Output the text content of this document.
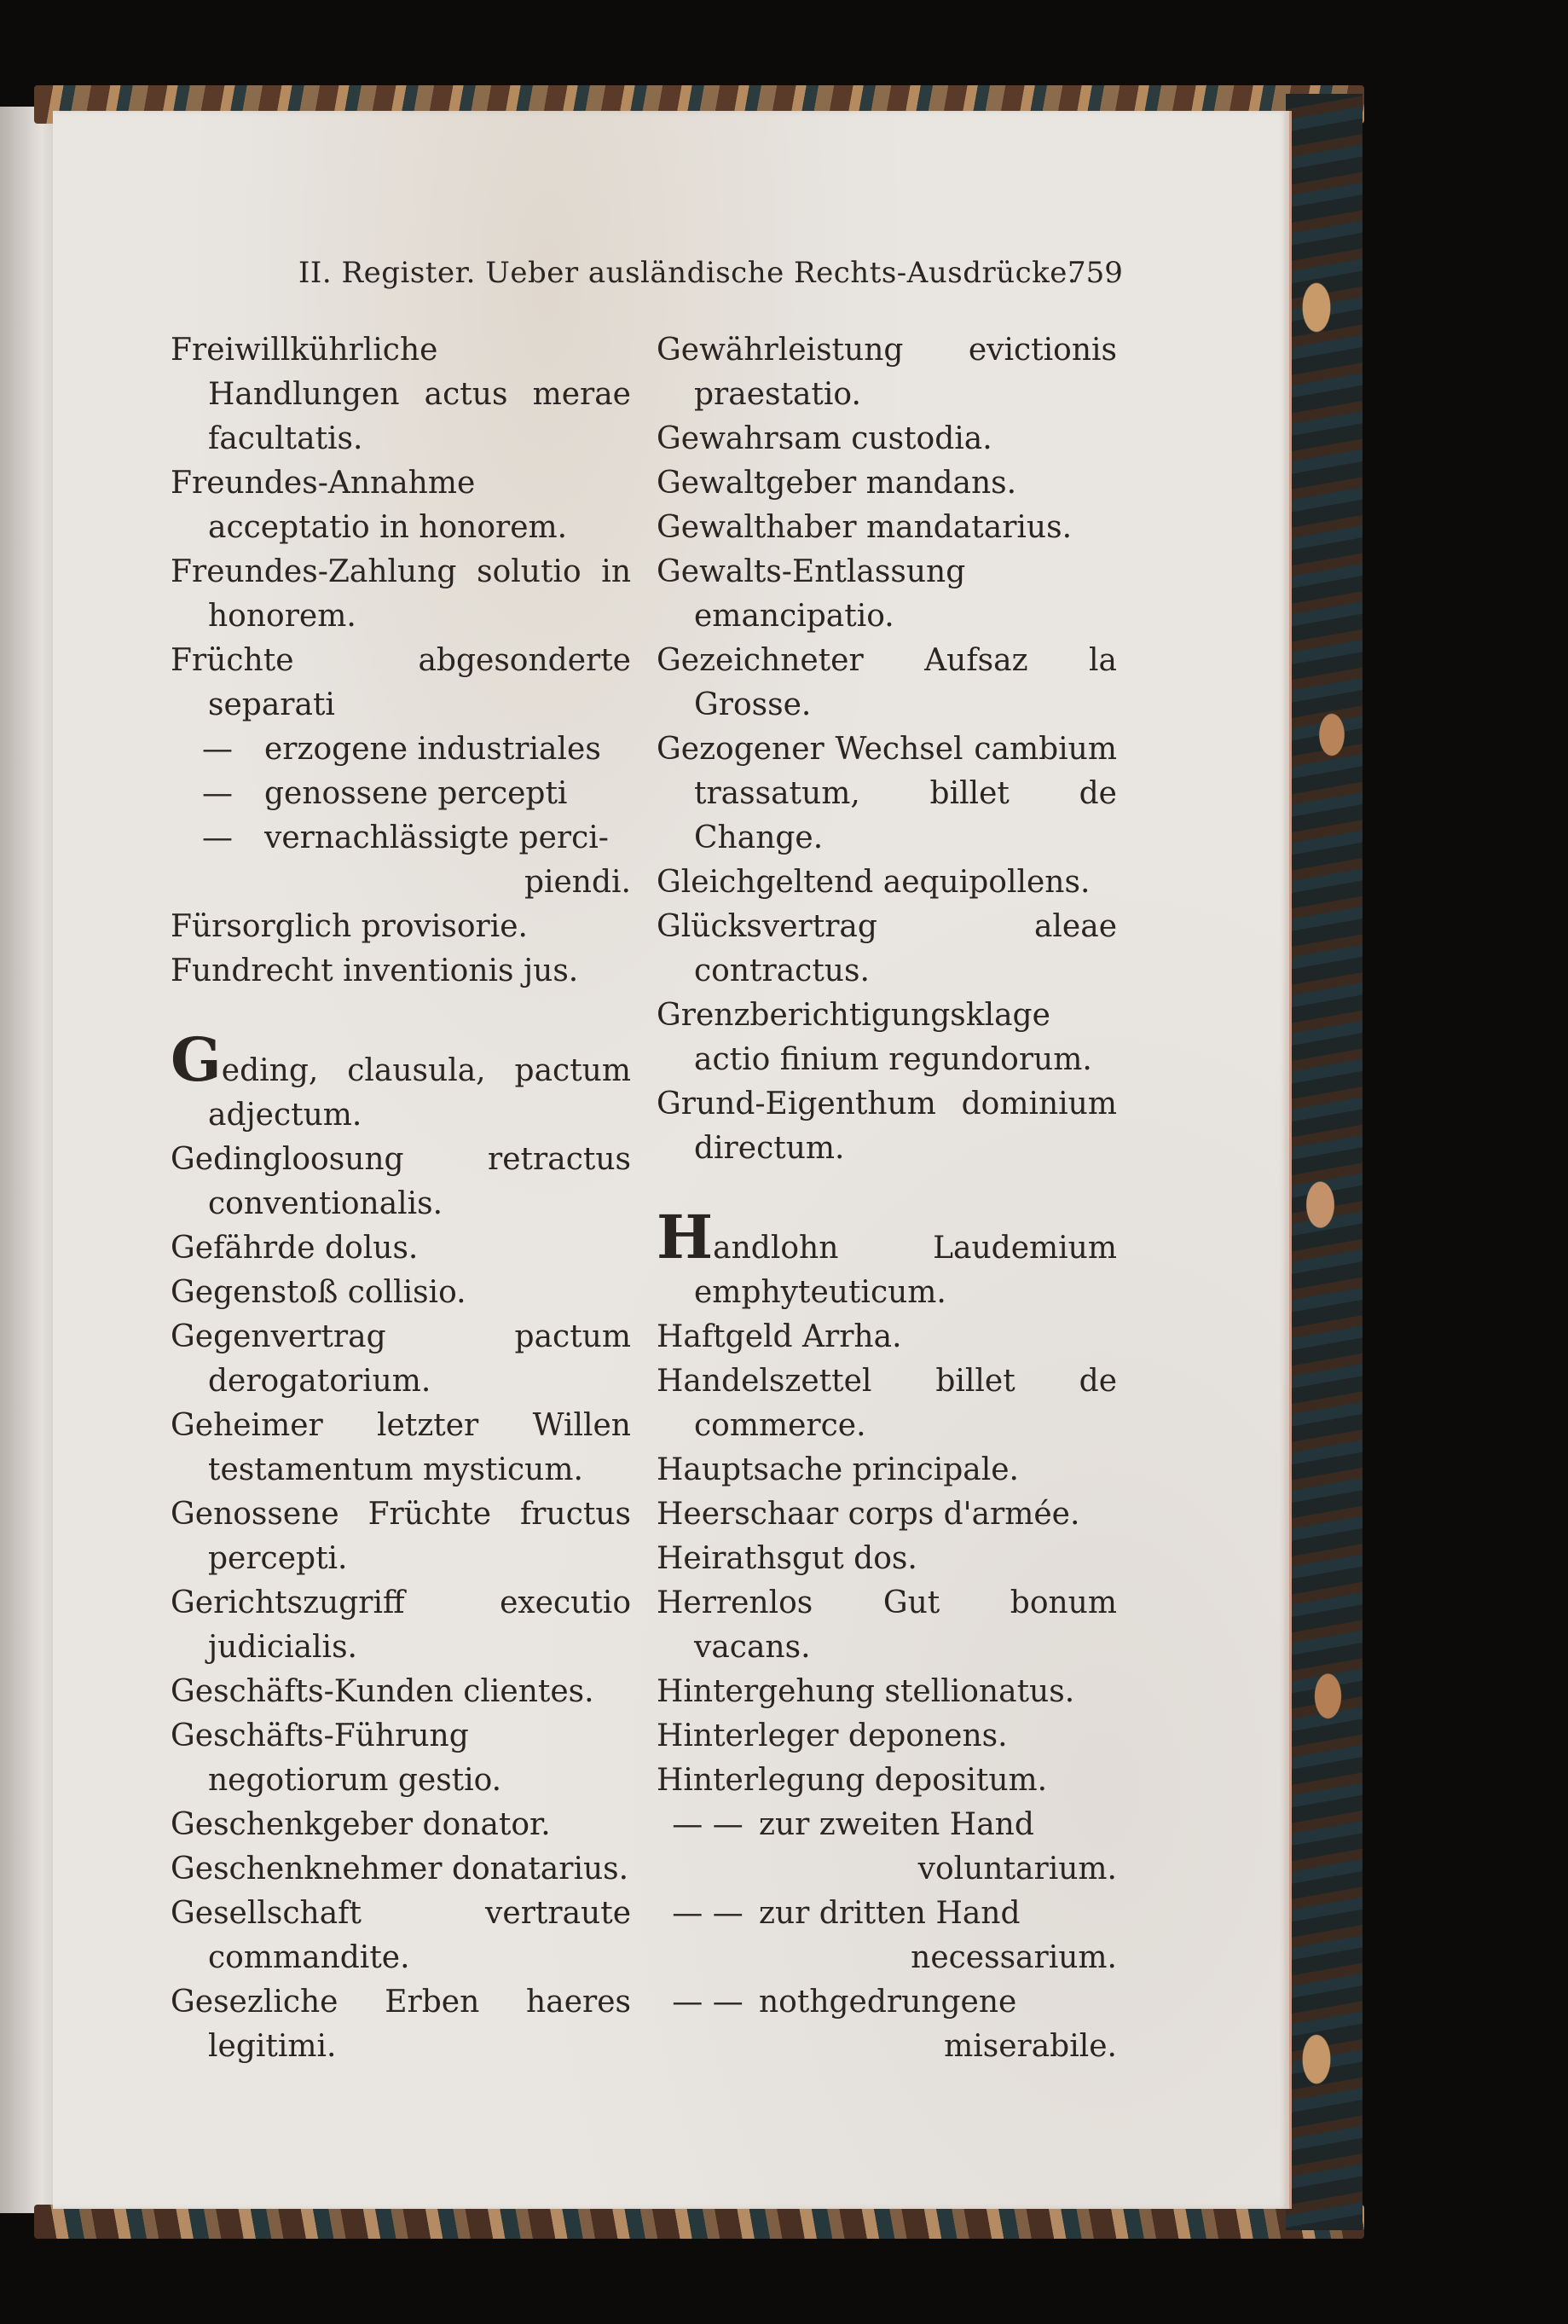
II. Register. Ueber ausländische Rechts-Ausdrücke.
759
Freiwillkührliche Handlungen actus merae facultatis.
Freundes-Annahme acceptatio in honorem.
Freundes-Zahlung solutio in honorem.
Früchte abgesonderte separati
—	erzogene industriales
—	genossene percepti
—	vernachlässigte perci-
piendi.
Fürsorglich provisorie.
Fundrecht inventionis jus.
Geding, clausula, pactum adjectum.
Gedingloosung retractus conventionalis.
Gefährde dolus.
Gegenstoß collisio.
Gegenvertrag pactum derogatorium.
Geheimer letzter Willen testamentum mysticum.
Genossene Früchte fructus percepti.
Gerichtszugriff executio judicialis.
Geschäfts-Kunden clientes.
Geschäfts-Führung negotiorum gestio.
Geschenkgeber donator.
Geschenknehmer donatarius.
Gesellschaft vertraute commandite.
Gesezliche Erben haeres legitimi.
Gewährleistung evictionis praestatio.
Gewahrsam custodia.
Gewaltgeber mandans.
Gewalthaber mandatarius.
Gewalts-Entlassung emancipatio.
Gezeichneter Aufsaz la Grosse.
Gezogener Wechsel cambium trassatum, billet de Change.
Gleichgeltend aequipollens.
Glücksvertrag aleae contractus.
Grenzberichtigungsklage actio finium regundorum.
Grund-Eigenthum dominium directum.
Handlohn Laudemium emphyteuticum.
Haftgeld Arrha.
Handelszettel billet de commerce.
Hauptsache principale.
Heerschaar corps d'armée.
Heirathsgut dos.
Herrenlos Gut bonum vacans.
Hintergehung stellionatus.
Hinterleger deponens.
Hinterlegung depositum.
— — zur zweiten Hand
voluntarium.
— — zur dritten Hand
necessarium.
— — nothgedrungene
miserabile.
